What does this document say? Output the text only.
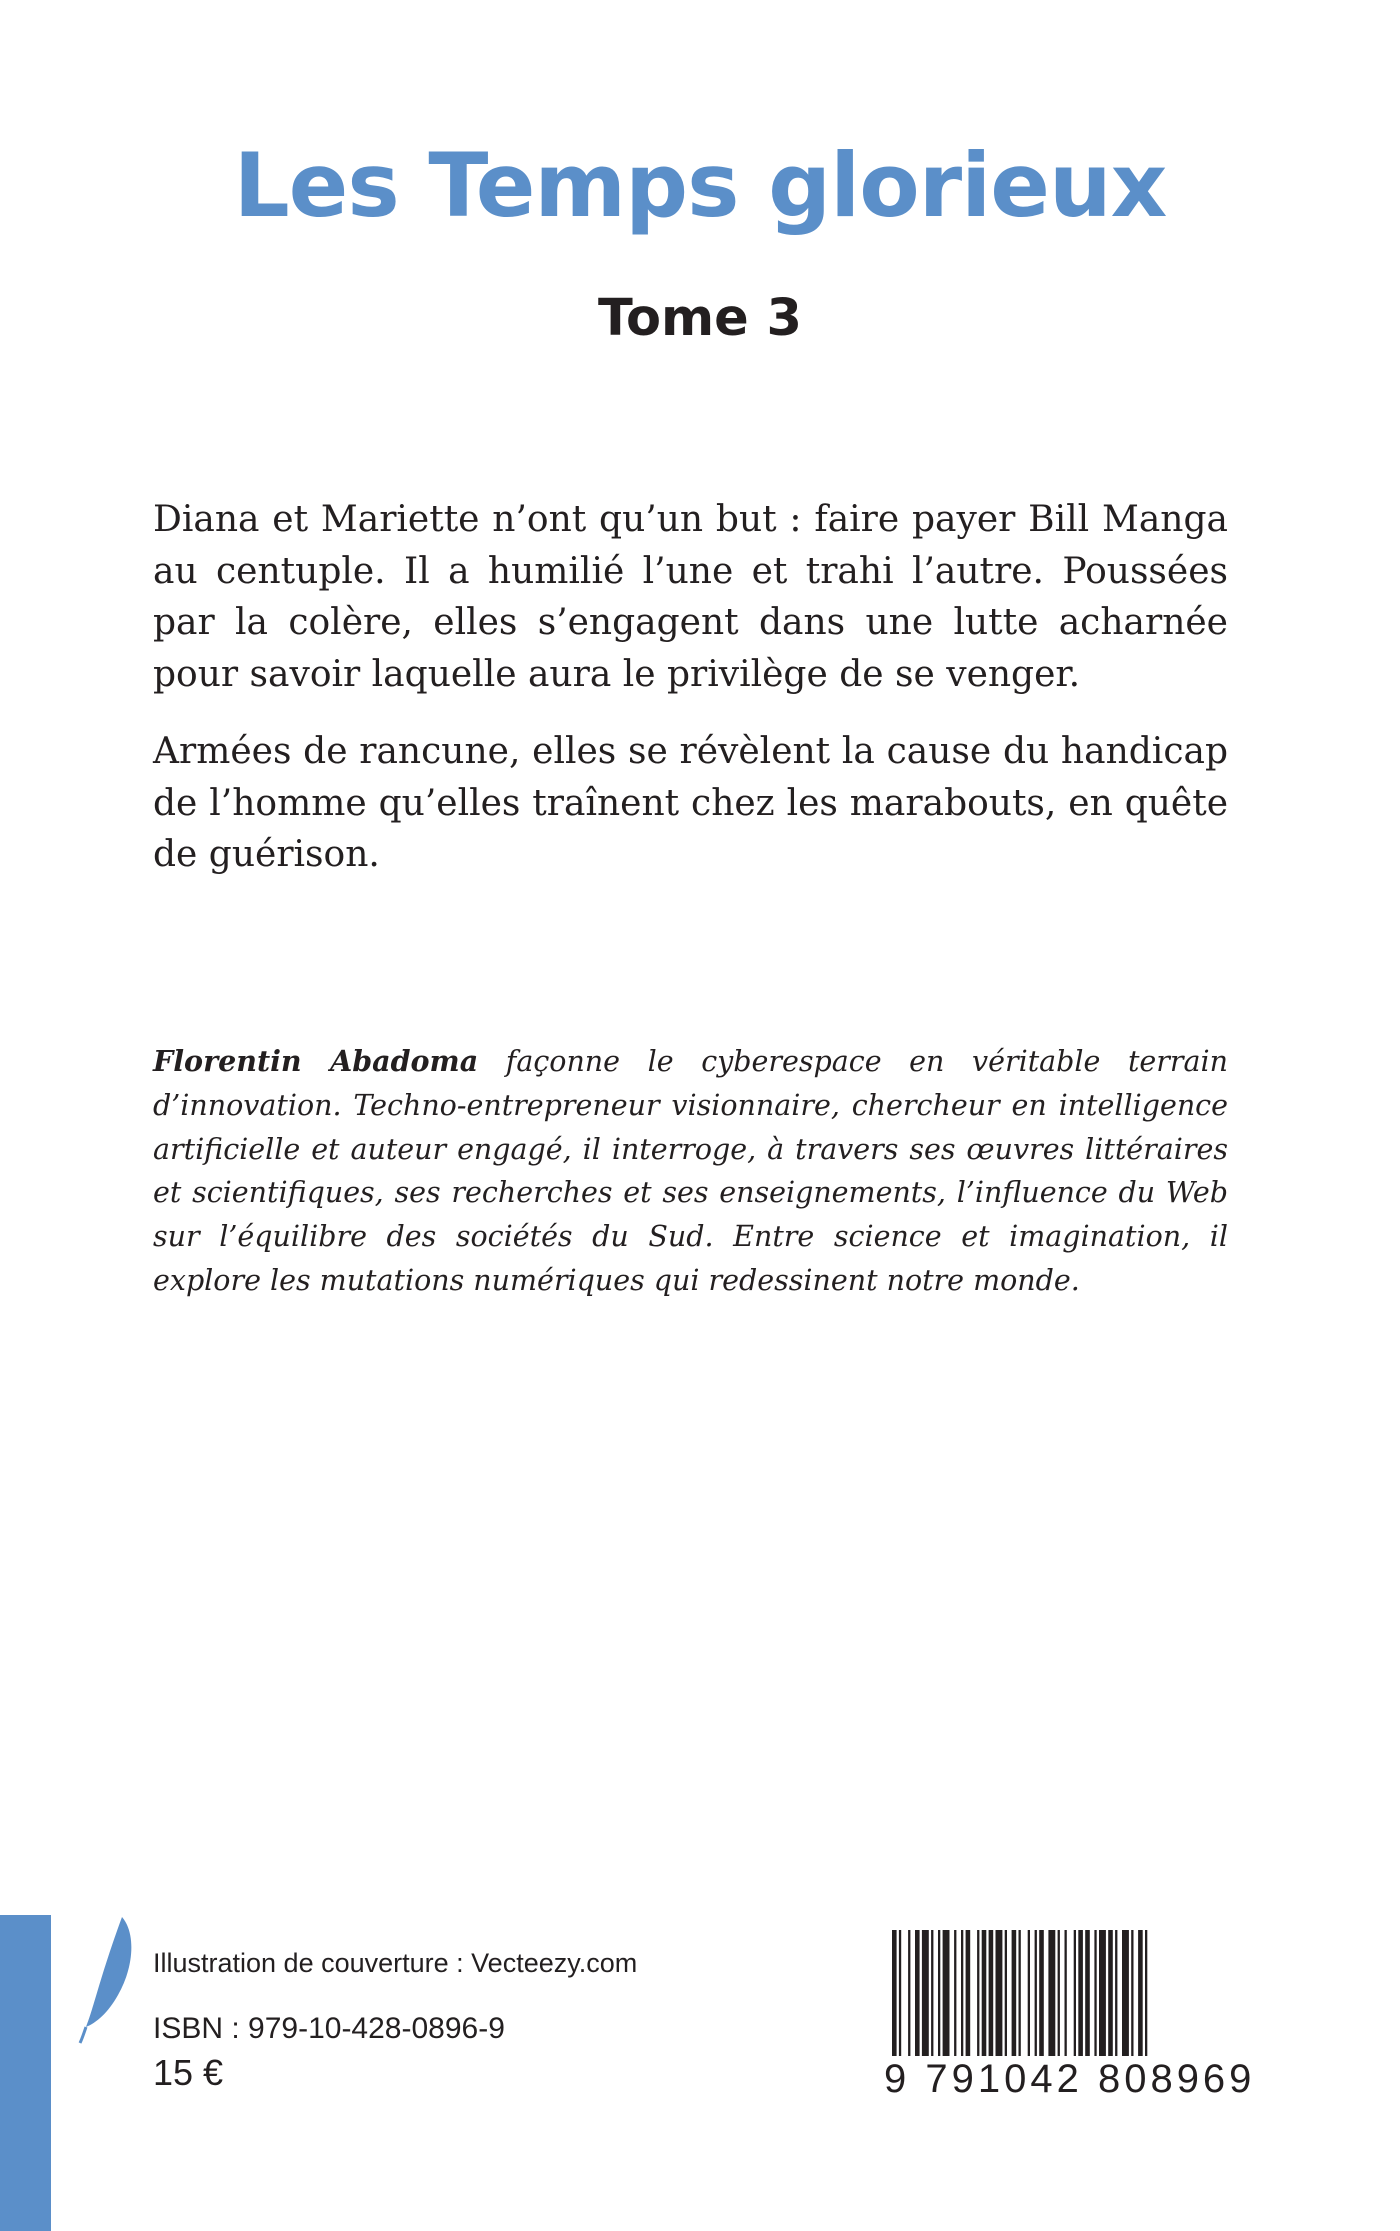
Les Temps glorieux
Tome 3

Diana et Mariette n’ont qu’un but : faire payer Bill Manga au centuple. Il a humilié l’une et trahi l’autre. Poussées par la colère, elles s’engagent dans une lutte acharnée pour savoir laquelle aura le privilège de se venger.

Armées de rancune, elles se révèlent la cause du handicap de l’homme qu’elles traînent chez les marabouts, en quête de guérison.

Florentin Abadoma façonne le cyberespace en véritable terrain d’innovation. Techno-entrepreneur visionnaire, chercheur en intelligence artificielle et auteur engagé, il interroge, à travers ses œuvres littéraires et scientifiques, ses recherches et ses enseignements, l’influence du Web sur l’équilibre des sociétés du Sud. Entre science et imagination, il explore les mutations numériques qui redessinent notre monde.
Illustration de couverture : Vecteezy.com
ISBN : 979-10-428-0896-9
15 €	9 791042 808969
